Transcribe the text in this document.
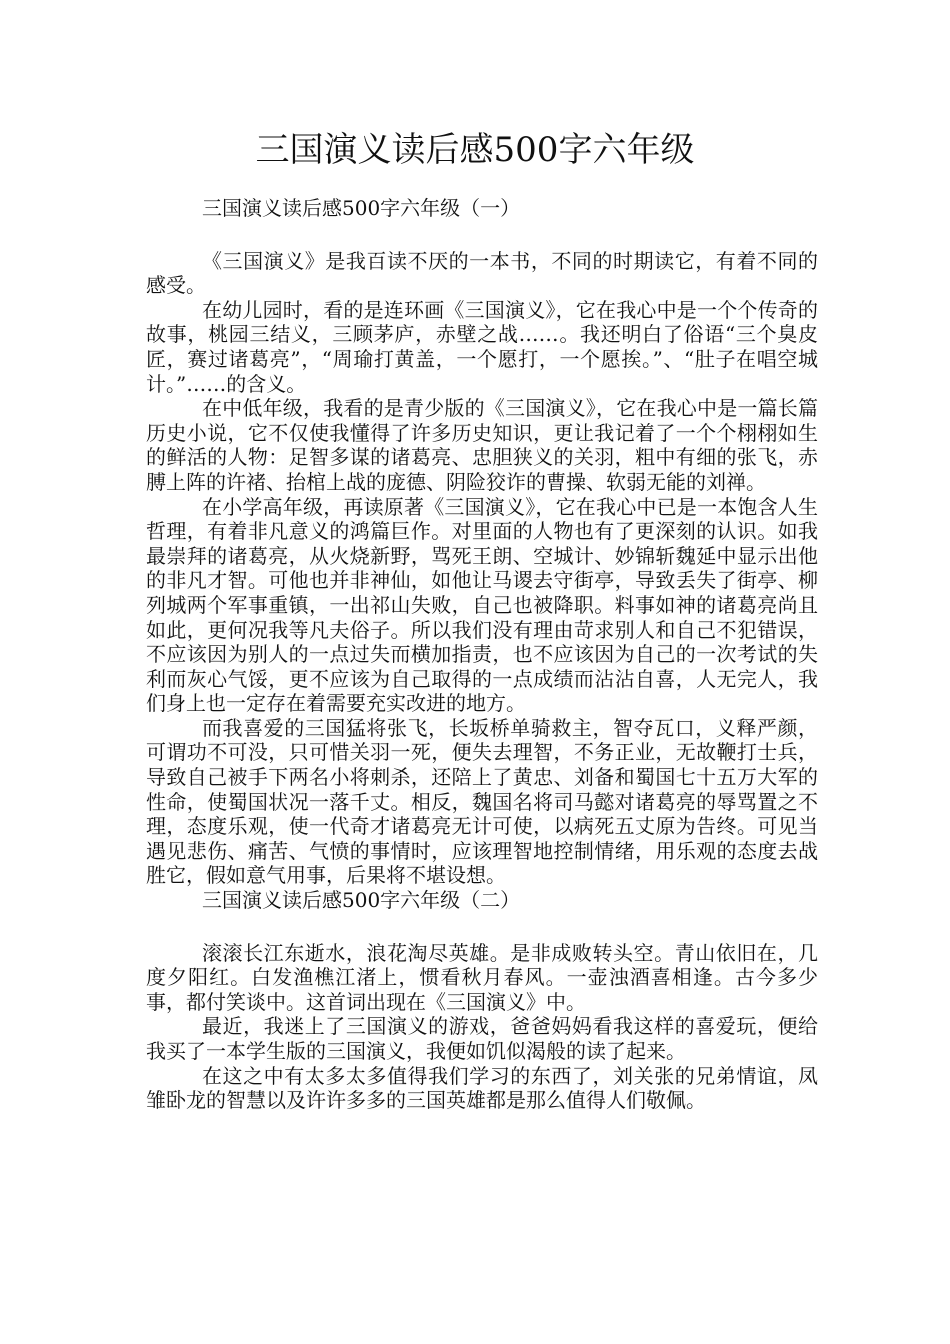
三国演义读后感500字六年级
三国演义读后感500字六年级（一）

《三国演义》是我百读不厌的一本书，不同的时期读它，有着不同的感受。

在幼儿园时，看的是连环画《三国演义》，它在我心中是一个个传奇的故事，桃园三结义，三顾茅庐，赤壁之战……。我还明白了俗语“三个臭皮匠，赛过诸葛亮”，“周瑜打黄盖，一个愿打，一个愿挨。”、“肚子在唱空城计。”……的含义。

在中低年级，我看的是青少版的《三国演义》，它在我心中是一篇长篇历史小说，它不仅使我懂得了许多历史知识，更让我记着了一个个栩栩如生的鲜活的人物：足智多谋的诸葛亮、忠胆狭义的关羽，粗中有细的张飞，赤膊上阵的许褚、抬棺上战的庞德、阴险狡诈的曹操、软弱无能的刘禅。

在小学高年级，再读原著《三国演义》，它在我心中已是一本饱含人生哲理，有着非凡意义的鸿篇巨作。对里面的人物也有了更深刻的认识。如我最崇拜的诸葛亮，从火烧新野，骂死王朗、空城计、妙锦斩魏延中显示出他的非凡才智。可他也并非神仙，如他让马谡去守街亭，导致丢失了街亭、柳列城两个军事重镇，一出祁山失败，自己也被降职。料事如神的诸葛亮尚且如此，更何况我等凡夫俗子。所以我们没有理由苛求别人和自己不犯错误，不应该因为别人的一点过失而横加指责，也不应该因为自己的一次考试的失利而灰心气馁，更不应该为自己取得的一点成绩而沾沾自喜，人无完人，我们身上也一定存在着需要充实改进的地方。

而我喜爱的三国猛将张飞，长坂桥单骑救主，智夺瓦口，义释严颜，可谓功不可没，只可惜关羽一死，便失去理智，不务正业，无故鞭打士兵，导致自己被手下两名小将刺杀，还陪上了黄忠、刘备和蜀国七十五万大军的性命，使蜀国状况一落千丈。相反，魏国名将司马懿对诸葛亮的辱骂置之不理，态度乐观，使一代奇才诸葛亮无计可使，以病死五丈原为告终。可见当遇见悲伤、痛苦、气愤的事情时，应该理智地控制情绪，用乐观的态度去战胜它，假如意气用事，后果将不堪设想。

三国演义读后感500字六年级（二）

滚滚长江东逝水，浪花淘尽英雄。是非成败转头空。青山依旧在，几度夕阳红。白发渔樵江渚上，惯看秋月春风。一壶浊酒喜相逢。古今多少事，都付笑谈中。这首词出现在《三国演义》中。

最近，我迷上了三国演义的游戏，爸爸妈妈看我这样的喜爱玩，便给我买了一本学生版的三国演义，我便如饥似渴般的读了起来。

在这之中有太多太多值得我们学习的东西了，刘关张的兄弟情谊，凤雏卧龙的智慧以及许许多多的三国英雄都是那么值得人们敬佩。
